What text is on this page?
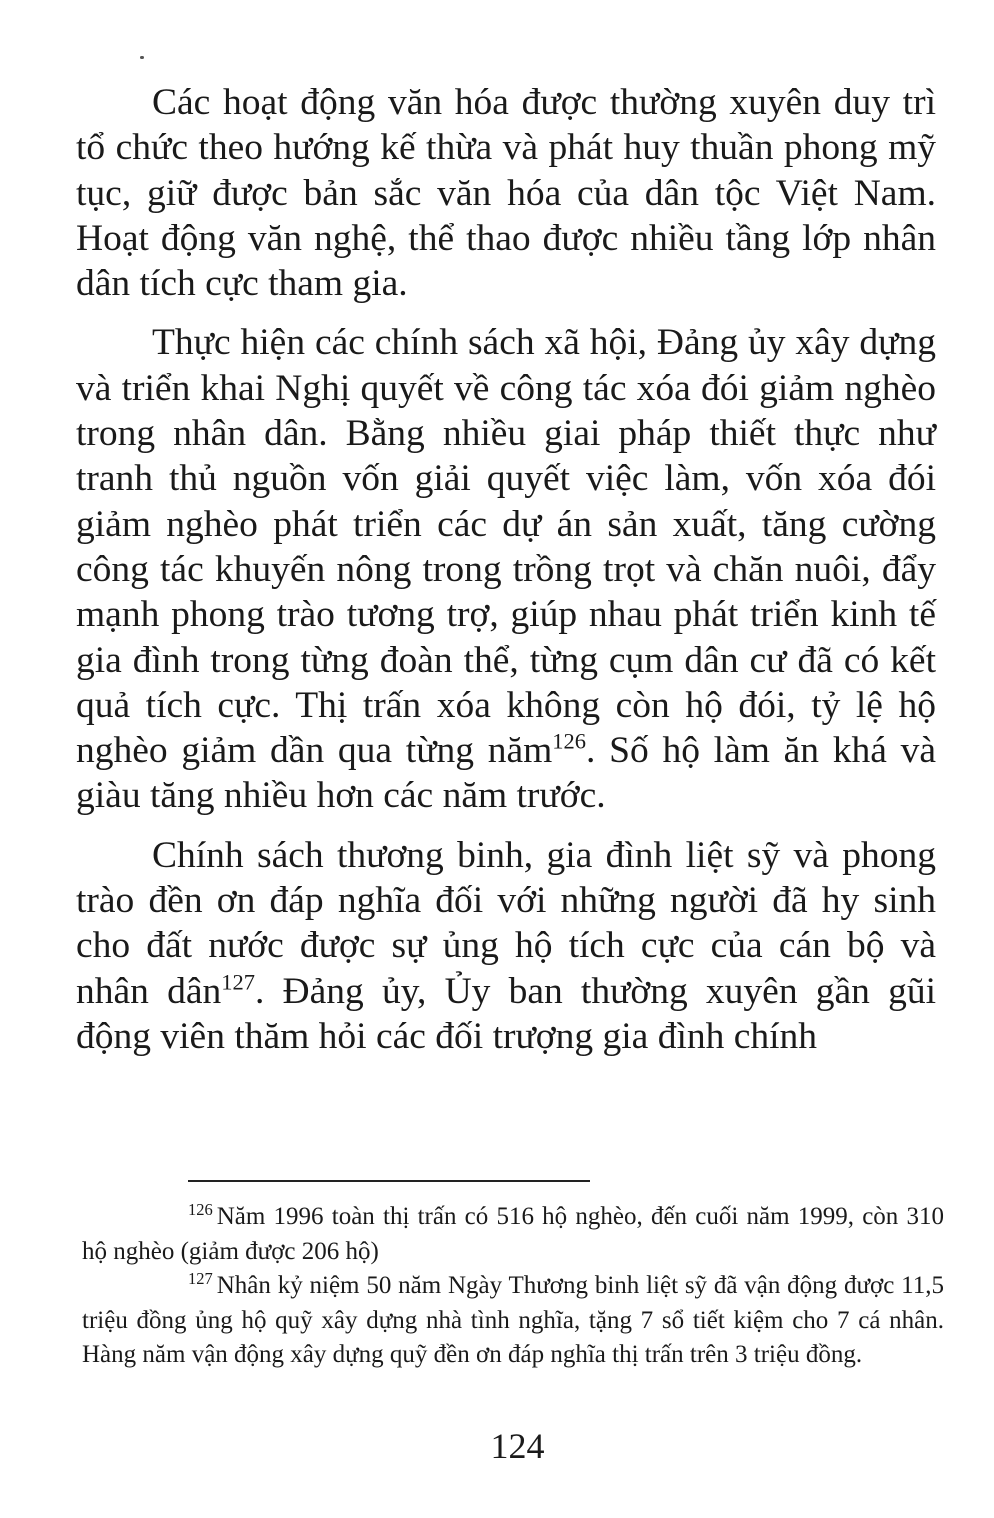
Các hoạt động văn hóa được thường xuyên duy trì tổ chức theo hướng kế thừa và phát huy thuần phong mỹ tục, giữ được bản sắc văn hóa của dân tộc Việt Nam. Hoạt động văn nghệ, thể thao được nhiều tầng lớp nhân dân tích cực tham gia.

Thực hiện các chính sách xã hội, Đảng ủy xây dựng và triển khai Nghị quyết về công tác xóa đói giảm nghèo trong nhân dân. Bằng nhiều giai pháp thiết thực như tranh thủ nguồn vốn giải quyết việc làm, vốn xóa đói giảm nghèo phát triển các dự án sản xuất, tăng cường công tác khuyến nông trong trồng trọt và chăn nuôi, đẩy mạnh phong trào tương trợ, giúp nhau phát triển kinh tế gia đình trong từng đoàn thể, từng cụm dân cư đã có kết quả tích cực. Thị trấn xóa không còn hộ đói, tỷ lệ hộ nghèo giảm dần qua từng năm$^{126}$. Số hộ làm ăn khá và giàu tăng nhiều hơn các năm trước.

Chính sách thương binh, gia đình liệt sỹ và phong trào đền ơn đáp nghĩa đối với những người đã hy sinh cho đất nước được sự ủng hộ tích cực của cán bộ và nhân dân$^{127}$. Đảng ủy, Ủy ban thường xuyên gần gũi động viên thăm hỏi các đối trượng gia đình chính

$^{126}$ Năm 1996 toàn thị trấn có 516 hộ nghèo, đến cuối năm 1999, còn 310 hộ nghèo (giảm được 206 hộ)

$^{127}$ Nhân kỷ niệm 50 năm Ngày Thương binh liệt sỹ đã vận động được 11,5 triệu đồng ủng hộ quỹ xây dựng nhà tình nghĩa, tặng 7 sổ tiết kiệm cho 7 cá nhân. Hàng năm vận động xây dựng quỹ đền ơn đáp nghĩa thị trấn trên 3 triệu đồng.

124
